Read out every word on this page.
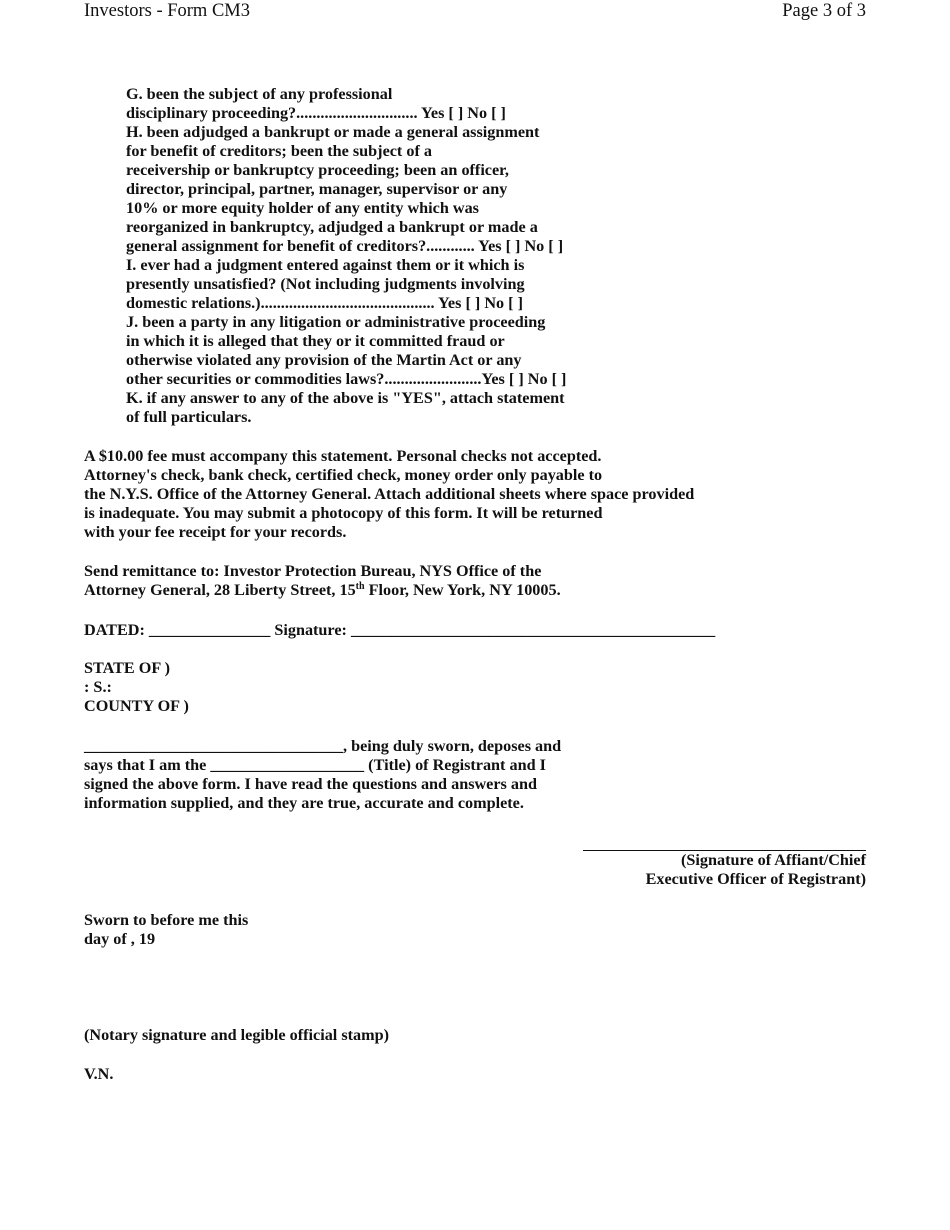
Investors - Form CM3	Page 3 of 3
G. been the subject of any professional
disciplinary proceeding?.............................. Yes [ ] No [ ]
H. been adjudged a bankrupt or made a general assignment
for benefit of creditors; been the subject of a
receivership or bankruptcy proceeding; been an officer,
director, principal, partner, manager, supervisor or any
10% or more equity holder of any entity which was
reorganized in bankruptcy, adjudged a bankrupt or made a
general assignment for benefit of creditors?............ Yes [ ] No [ ]
I. ever had a judgment entered against them or it which is
presently unsatisfied? (Not including judgments involving
domestic relations.)........................................... Yes [ ] No [ ]
J. been a party in any litigation or administrative proceeding
in which it is alleged that they or it committed fraud or
otherwise violated any provision of the Martin Act or any
other securities or commodities laws?........................Yes [ ] No [ ]
K. if any answer to any of the above is "YES", attach statement
of full particulars.
A $10.00 fee must accompany this statement. Personal checks not accepted.
Attorney's check, bank check, certified check, money order only payable to
the N.Y.S. Office of the Attorney General. Attach additional sheets where space provided
is inadequate. You may submit a photocopy of this form. It will be returned
with your fee receipt for your records.
Send remittance to: Investor Protection Bureau, NYS Office of the
Attorney General, 28 Liberty Street, 15th Floor, New York, NY 10005.
DATED: _______________ Signature: _____________________________________________
STATE OF )
: S.:
COUNTY OF )
________________________________, being duly sworn, deposes and
says that I am the ___________________ (Title) of Registrant and I
signed the above form. I have read the questions and answers and
information supplied, and they are true, accurate and complete.
(Signature of Affiant/Chief
Executive Officer of Registrant)
Sworn to before me this
day of , 19
(Notary signature and legible official stamp)
V.N.
